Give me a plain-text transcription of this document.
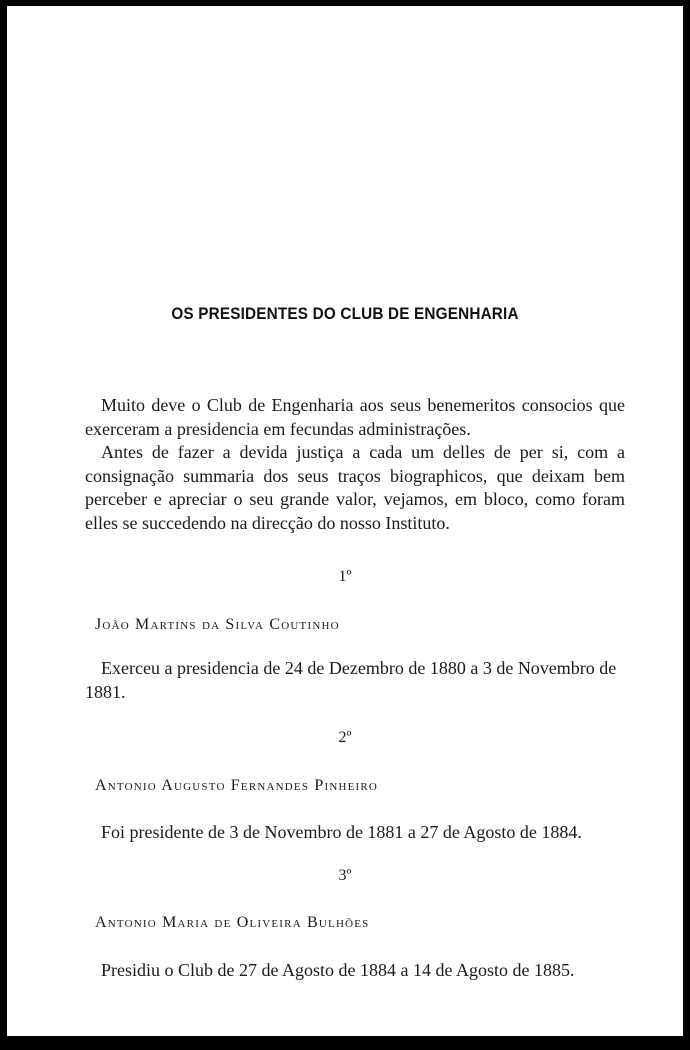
OS PRESIDENTES DO CLUB DE ENGENHARIA
Muito deve o Club de Engenharia aos seus benemeritos consocios que exerceram a presidencia em fecundas administrações.
Antes de fazer a devida justiça a cada um delles de per si, com a consignação summaria dos seus traços biographicos, que deixam bem perceber e apreciar o seu grande valor, vejamos, em bloco, como foram elles se succedendo na direcção do nosso Instituto.
1º
João Martins da Silva Coutinho
Exerceu a presidencia de 24 de Dezembro de 1880 a 3 de Novembro de 1881.
2º
Antonio Augusto Fernandes Pinheiro
Foi presidente de 3 de Novembro de 1881 a 27 de Agosto de 1884.
3º
Antonio Maria de Oliveira Bulhões
Presidiu o Club de 27 de Agosto de 1884 a 14 de Agosto de 1885.
